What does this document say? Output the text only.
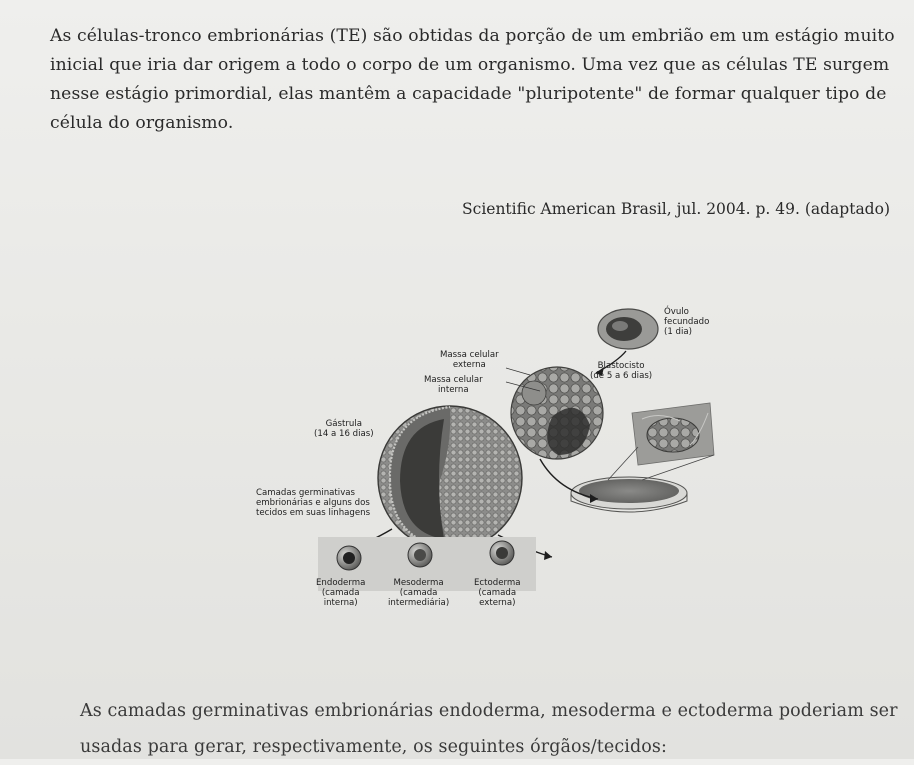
As células-tronco embrionárias (TE) são obtidas da porção de um embrião em um estágio muito
inicial que iria dar origem a todo o corpo de um organismo. Uma vez que as células TE surgem
nesse estágio primordial, elas mantêm a capacidade "pluripotente" de formar qualquer tipo de
célula do organismo.
Scientific American Brasil, jul. 2004. p. 49. (adaptado)
Óvulo
fecundado
(1 dia)
Massa celular
externa
Massa celular
interna
Blastocisto
(de 5 a 6 dias)
Gástrula
(14 a 16 dias)
Camadas germinativas
embrionárias e alguns dos
tecidos em suas linhagens
Endoderma
(camada
interna)
Mesoderma
(camada
intermediária)
Ectoderma
(camada
externa)
As camadas germinativas embrionárias endoderma, mesoderma e ectoderma poderiam ser
usadas para gerar, respectivamente, os seguintes órgãos/tecidos:
